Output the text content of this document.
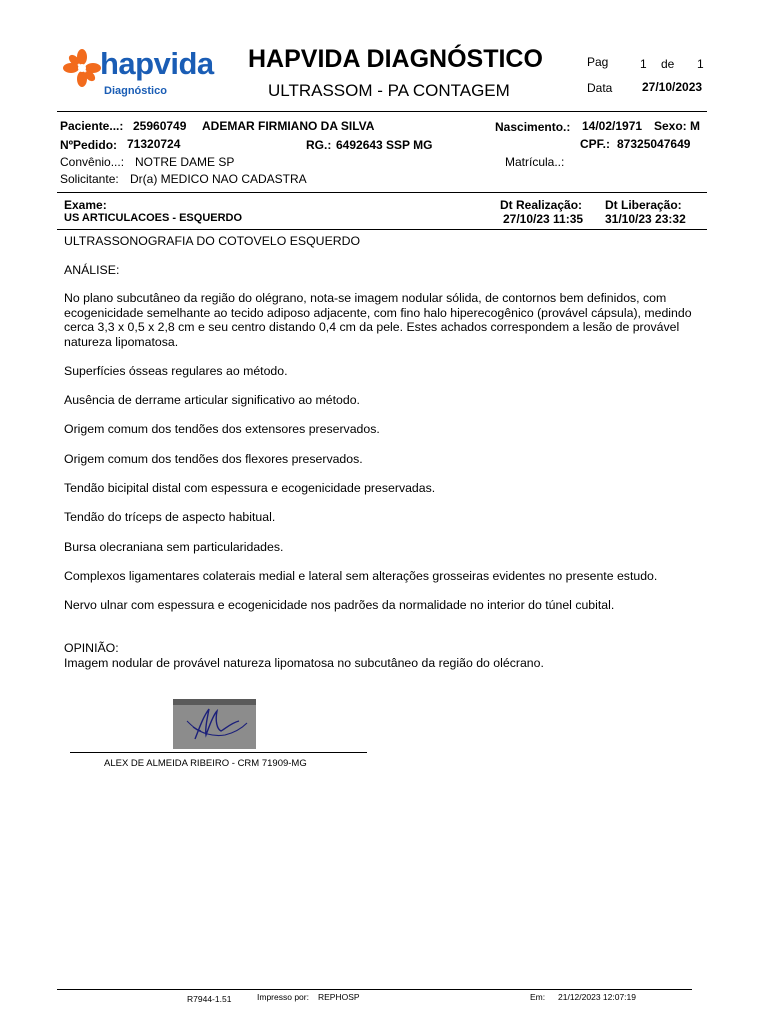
hapvida
Diagnóstico
HAPVIDA DIAGNÓSTICO
ULTRASSOM - PA CONTAGEM
Pag	1 de 1
Data 27/10/2023
Paciente...: 25960749 ADEMAR FIRMIANO DA SILVA	Nascimento.: 14/02/1971 Sexo: M
NºPedido: 71320724	RG.: 6492643 SSP MG	CPF.: 87325047649
Convênio...: NOTRE DAME SP	Matrícula..:
Solicitante: Dr(a) MEDICO NAO CADASTRA
Exame:
US ARTICULACOES - ESQUERDO
Dt Realização:
27/10/23 11:35
Dt Liberação:
31/10/23 23:32
ULTRASSONOGRAFIA DO COTOVELO ESQUERDO
ANÁLISE:
No plano subcutâneo da região do olégrano, nota-se imagem nodular sólida, de contornos bem definidos, com ecogenicidade semelhante ao tecido adiposo adjacente, com fino halo hiperecogênico (provável cápsula), medindo cerca 3,3 x 0,5 x 2,8 cm e seu centro distando 0,4 cm da pele. Estes achados correspondem a lesão de provável natureza lipomatosa.
Superfícies ósseas regulares ao método.
Ausência de derrame articular significativo ao método.
Origem comum dos tendões dos extensores preservados.
Origem comum dos tendões dos flexores preservados.
Tendão bicipital distal com espessura e ecogenicidade preservadas.
Tendão do tríceps de aspecto habitual.
Bursa olecraniana sem particularidades.
Complexos ligamentares colaterais medial e lateral sem alterações grosseiras evidentes no presente estudo.
Nervo ulnar com espessura e ecogenicidade nos padrões da normalidade no interior do túnel cubital.
OPINIÃO:
Imagem nodular de provável natureza lipomatosa no subcutâneo da região do olécrano.
ALEX DE ALMEIDA RIBEIRO - CRM 71909-MG
R7944-1.51	Impresso por: REPHOSP	Em: 21/12/2023 12:07:19
